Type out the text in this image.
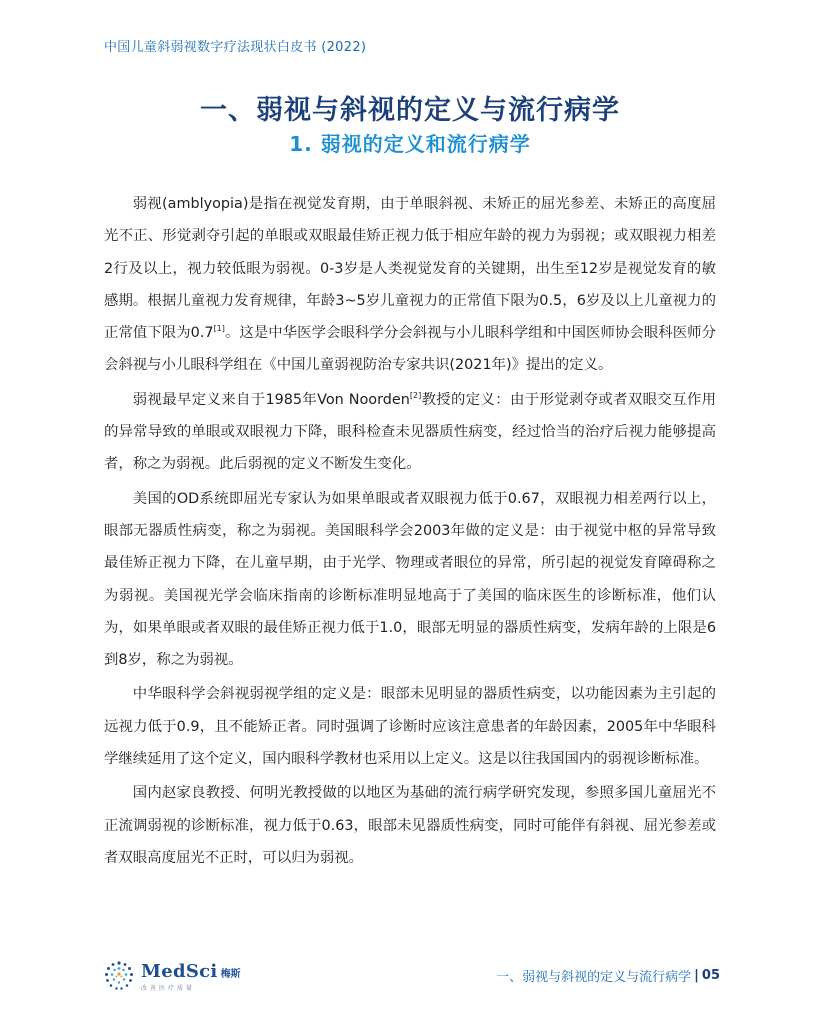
中国儿童斜弱视数字疗法现状白皮书 (2022)
一、弱视与斜视的定义与流行病学
1. 弱视的定义和流行病学

弱视(amblyopia)是指在视觉发育期，由于单眼斜视、未矫正的屈光参差、未矫正的高度屈光不正、形觉剥夺引起的单眼或双眼最佳矫正视力低于相应年龄的视力为弱视；或双眼视力相差2行及以上，视力较低眼为弱视。0-3岁是人类视觉发育的关键期，出生至12岁是视觉发育的敏感期。根据儿童视力发育规律，年龄3~5岁儿童视力的正常值下限为0.5，6岁及以上儿童视力的正常值下限为0.7[1]。这是中华医学会眼科学分会斜视与小儿眼科学组和中国医师协会眼科医师分会斜视与小儿眼科学组在《中国儿童弱视防治专家共识(2021年)》提出的定义。

弱视最早定义来自于1985年Von Noorden[2]教授的定义：由于形觉剥夺或者双眼交互作用的异常导致的单眼或双眼视力下降，眼科检查未见器质性病变，经过恰当的治疗后视力能够提高者，称之为弱视。此后弱视的定义不断发生变化。

美国的OD系统即屈光专家认为如果单眼或者双眼视力低于0.67，双眼视力相差两行以上，眼部无器质性病变，称之为弱视。美国眼科学会2003年做的定义是：由于视觉中枢的异常导致最佳矫正视力下降，在儿童早期，由于光学、物理或者眼位的异常，所引起的视觉发育障碍称之为弱视。美国视光学会临床指南的诊断标准明显地高于了美国的临床医生的诊断标准，他们认为，如果单眼或者双眼的最佳矫正视力低于1.0，眼部无明显的器质性病变，发病年龄的上限是6到8岁，称之为弱视。

中华眼科学会斜视弱视学组的定义是：眼部未见明显的器质性病变，以功能因素为主引起的远视力低于0.9，且不能矫正者。同时强调了诊断时应该注意患者的年龄因素，2005年中华眼科学继续延用了这个定义，国内眼科学教材也采用以上定义。这是以往我国国内的弱视诊断标准。

国内赵家良教授、何明光教授做的以地区为基础的流行病学研究发现，参照多国儿童屈光不正流调弱视的诊断标准，视力低于0.63，眼部未见器质性病变，同时可能伴有斜视、屈光参差或者双眼高度屈光不正时，可以归为弱视。

MedSci 梅斯
改善医疗质量
一、弱视与斜视的定义与流行病学 | 05
